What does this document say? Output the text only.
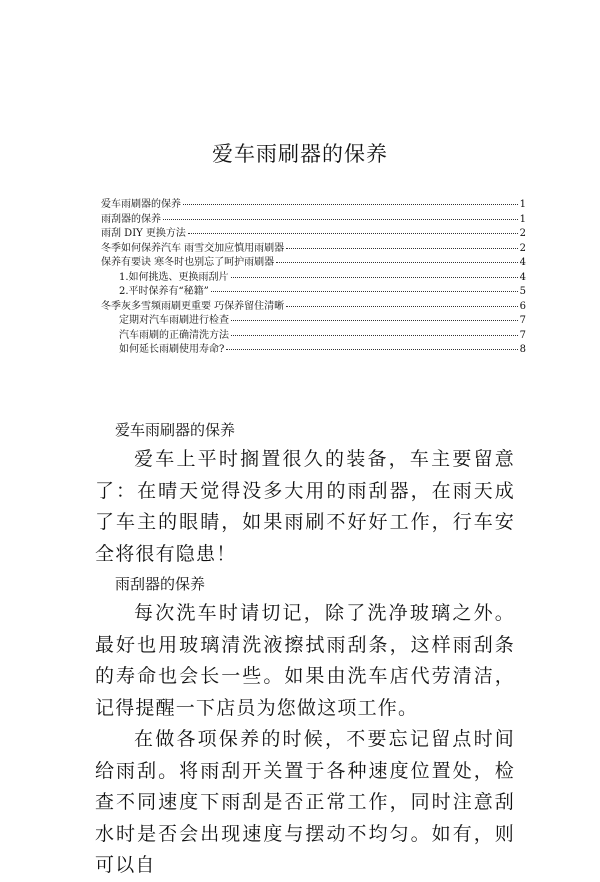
爱车雨刷器的保养
爱车雨刷器的保养	1
雨刮器的保养	1
雨刮 DIY 更换方法	2
冬季如何保养汽车 雨雪交加应慎用雨刷器	2
保养有要诀 寒冬时也别忘了呵护雨刷器	4
1.如何挑选、更换雨刮片	4
2.平时保养有“秘籍”	5
冬季灰多雪频雨刷更重要 巧保养留住清晰	6
定期对汽车雨刷进行检查	7
汽车雨刷的正确清洗方法	7
如何延长雨刷使用寿命?	8
爱车雨刷器的保养

爱车上平时搁置很久的装备，车主要留意了：在晴天觉得没多大用的雨刮器，在雨天成了车主的眼睛，如果雨刷不好好工作，行车安全将很有隐患！

雨刮器的保养

每次洗车时请切记，除了洗净玻璃之外。最好也用玻璃清洗液擦拭雨刮条，这样雨刮条的寿命也会长一些。如果由洗车店代劳清洁，记得提醒一下店员为您做这项工作。

在做各项保养的时候，不要忘记留点时间给雨刮。将雨刮开关置于各种速度位置处，检查不同速度下雨刮是否正常工作，同时注意刮水时是否会出现速度与摆动不均匀。如有，则可以自
